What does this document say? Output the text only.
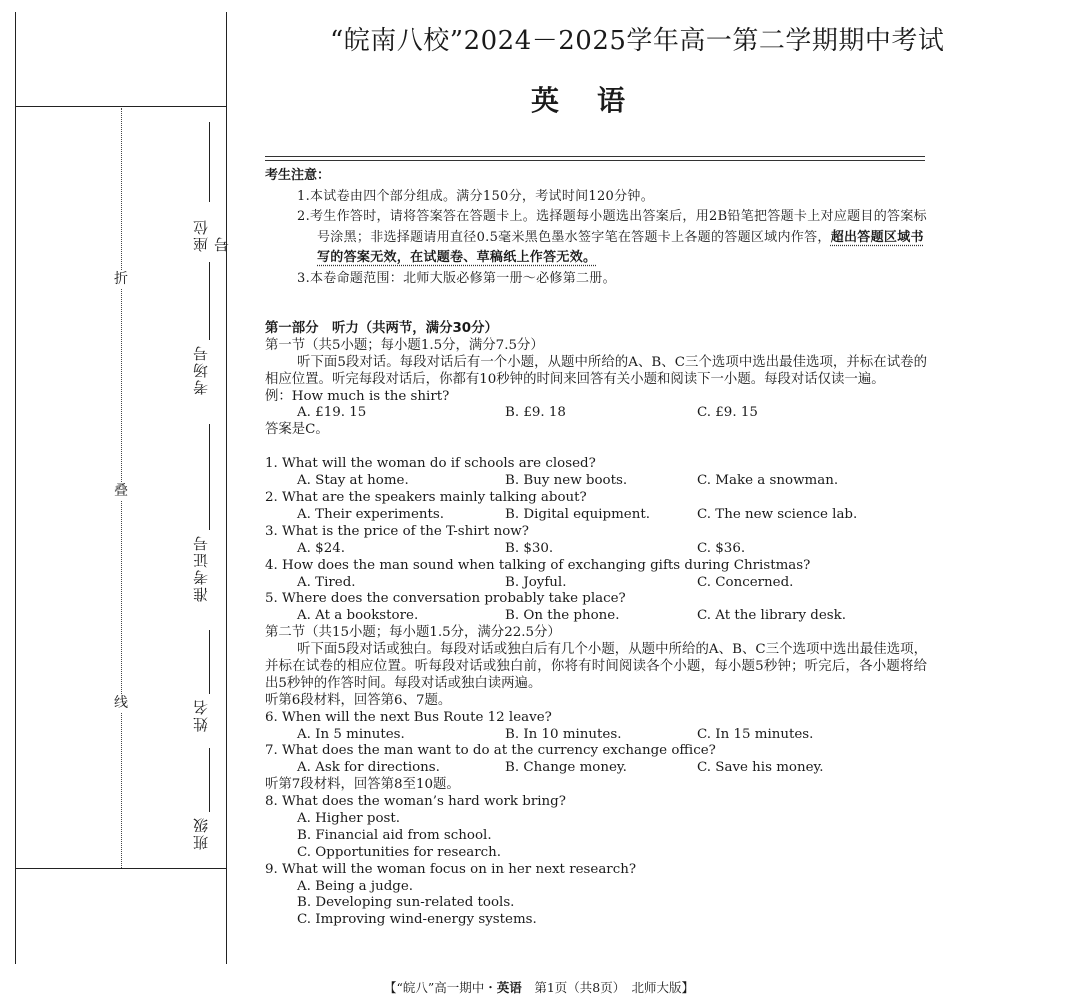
折
叠
线
座位号
考场号
准考证号
姓名
班级
“皖南八校”2024－2025学年高一第二学期期中考试
英语
考生注意：
1.本试卷由四个部分组成。满分150分，考试时间120分钟。
2.考生作答时，请将答案答在答题卡上。选择题每小题选出答案后，用2B铅笔把答题卡上对应题目的答案标号涂黑；非选择题请用直径0.5毫米黑色墨水签字笔在答题卡上各题的答题区域内作答，超出答题区域书写的答案无效，在试题卷、草稿纸上作答无效。
3.本卷命题范围：北师大版必修第一册～必修第二册。
第一部分　听力（共两节，满分30分）
第一节（共5小题；每小题1.5分，满分7.5分）
听下面5段对话。每段对话后有一个小题，从题中所给的A、B、C三个选项中选出最佳选项，并标在试卷的相应位置。听完每段对话后，你都有10秒钟的时间来回答有关小题和阅读下一小题。每段对话仅读一遍。
例：How much is the shirt?
A. £19. 15	B. £9. 18	C. £9. 15
答案是C。
1. What will the woman do if schools are closed?
A. Stay at home.	B. Buy new boots.	C. Make a snowman.
2. What are the speakers mainly talking about?
A. Their experiments.	B. Digital equipment.	C. The new science lab.
3. What is the price of the T-shirt now?
A. $24.	B. $30.	C. $36.
4. How does the man sound when talking of exchanging gifts during Christmas?
A. Tired.	B. Joyful.	C. Concerned.
5. Where does the conversation probably take place?
A. At a bookstore.	B. On the phone.	C. At the library desk.
第二节（共15小题；每小题1.5分，满分22.5分）
听下面5段对话或独白。每段对话或独白后有几个小题，从题中所给的A、B、C三个选项中选出最佳选项，并标在试卷的相应位置。听每段对话或独白前，你将有时间阅读各个小题，每小题5秒钟；听完后，各小题将给出5秒钟的作答时间。每段对话或独白读两遍。
听第6段材料，回答第6、7题。
6. When will the next Bus Route 12 leave?
A. In 5 minutes.	B. In 10 minutes.	C. In 15 minutes.
7. What does the man want to do at the currency exchange office?
A. Ask for directions.	B. Change money.	C. Save his money.
听第7段材料，回答第8至10题。
8. What does the woman’s hard work bring?
A. Higher post.
B. Financial aid from school.
C. Opportunities for research.
9. What will the woman focus on in her next research?
A. Being a judge.
B. Developing sun-related tools.
C. Improving wind-energy systems.
【“皖八”高一期中・英语　第1页（共8页）　北师大版】
